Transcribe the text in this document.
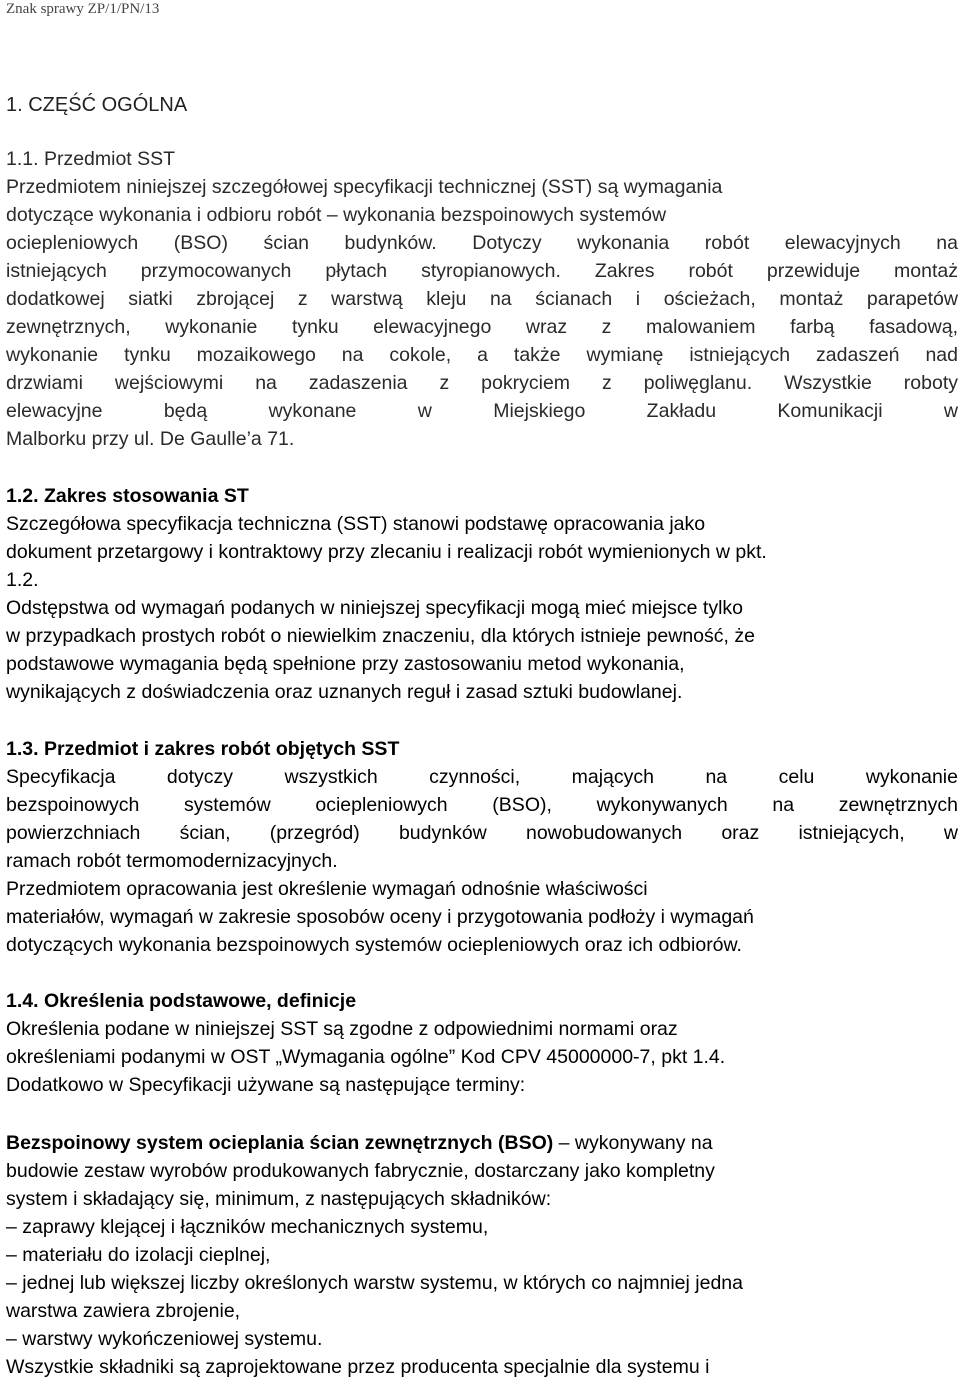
Znak sprawy ZP/1/PN/13
1. CZĘŚĆ OGÓLNA

1.1. Przedmiot SST

Przedmiotem niniejszej szczegółowej specyfikacji technicznej (SST) są wymagania

dotyczące wykonania i odbioru robót – wykonania bezspoinowych systemów

ociepleniowych (BSO) ścian budynków. Dotyczy wykonania robót elewacyjnych na

istniejących przymocowanych płytach styropianowych. Zakres robót przewiduje montaż

dodatkowej siatki zbrojącej z warstwą kleju na ścianach i ościeżach, montaż parapetów

zewnętrznych, wykonanie tynku elewacyjnego wraz z malowaniem farbą fasadową,

wykonanie tynku mozaikowego na cokole, a także wymianę istniejących zadaszeń nad

drzwiami wejściowymi na zadaszenia z pokryciem z poliwęglanu. Wszystkie roboty

elewacyjne będą wykonane w Miejskiego Zakładu Komunikacji w

Malborku przy ul. De Gaulle’a 71.

1.2. Zakres stosowania ST

Szczegółowa specyfikacja techniczna (SST) stanowi podstawę opracowania jako

dokument przetargowy i kontraktowy przy zlecaniu i realizacji robót wymienionych w pkt.

1.2.

Odstępstwa od wymagań podanych w niniejszej specyfikacji mogą mieć miejsce tylko

w przypadkach prostych robót o niewielkim znaczeniu, dla których istnieje pewność, że

podstawowe wymagania będą spełnione przy zastosowaniu metod wykonania,

wynikających z doświadczenia oraz uznanych reguł i zasad sztuki budowlanej.

1.3. Przedmiot i zakres robót objętych SST

Specyfikacja dotyczy wszystkich czynności, mających na celu wykonanie

bezspoinowych systemów ociepleniowych (BSO), wykonywanych na zewnętrznych

powierzchniach ścian, (przegród) budynków nowobudowanych oraz istniejących, w

ramach robót termomodernizacyjnych.

Przedmiotem opracowania jest określenie wymagań odnośnie właściwości

materiałów, wymagań w zakresie sposobów oceny i przygotowania podłoży i wymagań

dotyczących wykonania bezspoinowych systemów ociepleniowych oraz ich odbiorów.

1.4. Określenia podstawowe, definicje

Określenia podane w niniejszej SST są zgodne z odpowiednimi normami oraz

określeniami podanymi w OST „Wymagania ogólne” Kod CPV 45000000-7, pkt 1.4.

Dodatkowo w Specyfikacji używane są następujące terminy:

Bezspoinowy system ocieplania ścian zewnętrznych (BSO) – wykonywany na

budowie zestaw wyrobów produkowanych fabrycznie, dostarczany jako kompletny

system i składający się, minimum, z następujących składników:

– zaprawy klejącej i łączników mechanicznych systemu,

– materiału do izolacji cieplnej,

– jednej lub większej liczby określonych warstw systemu, w których co najmniej jedna

warstwa zawiera zbrojenie,

– warstwy wykończeniowej systemu.

Wszystkie składniki są zaprojektowane przez producenta specjalnie dla systemu i
